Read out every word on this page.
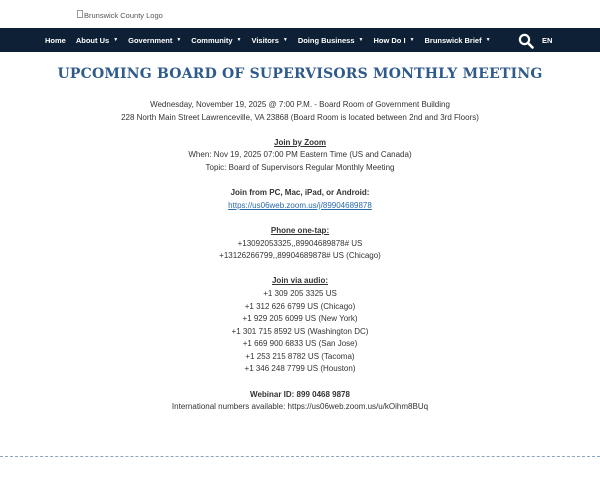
Brunswick County Logo
Home About Us ▼ Government ▼ Community ▼ Visitors ▼ Doing Business ▼ How Do I ▼ Brunswick Brief ▼	EN
UPCOMING BOARD OF SUPERVISORS MONTHLY MEETING
Wednesday, November 19, 2025 @ 7:00 P.M. - Board Room of Government Building
228 North Main Street Lawrenceville, VA 23868 (Board Room is located between 2nd and 3rd Floors)
Join by Zoom
When: Nov 19, 2025 07:00 PM Eastern Time (US and Canada)
Topic: Board of Supervisors Regular Monthly Meeting
Join from PC, Mac, iPad, or Android:
https://us06web.zoom.us/j/89904689878
Phone one-tap:
+13092053325,,89904689878# US
+13126266799,,89904689878# US (Chicago)
Join via audio:
+1 309 205 3325 US
+1 312 626 6799 US (Chicago)
+1 929 205 6099 US (New York)
+1 301 715 8592 US (Washington DC)
+1 669 900 6833 US (San Jose)
+1 253 215 8782 US (Tacoma)
+1 346 248 7799 US (Houston)
Webinar ID: 899 0468 9878
International numbers available: https://us06web.zoom.us/u/kOihm8BUq
